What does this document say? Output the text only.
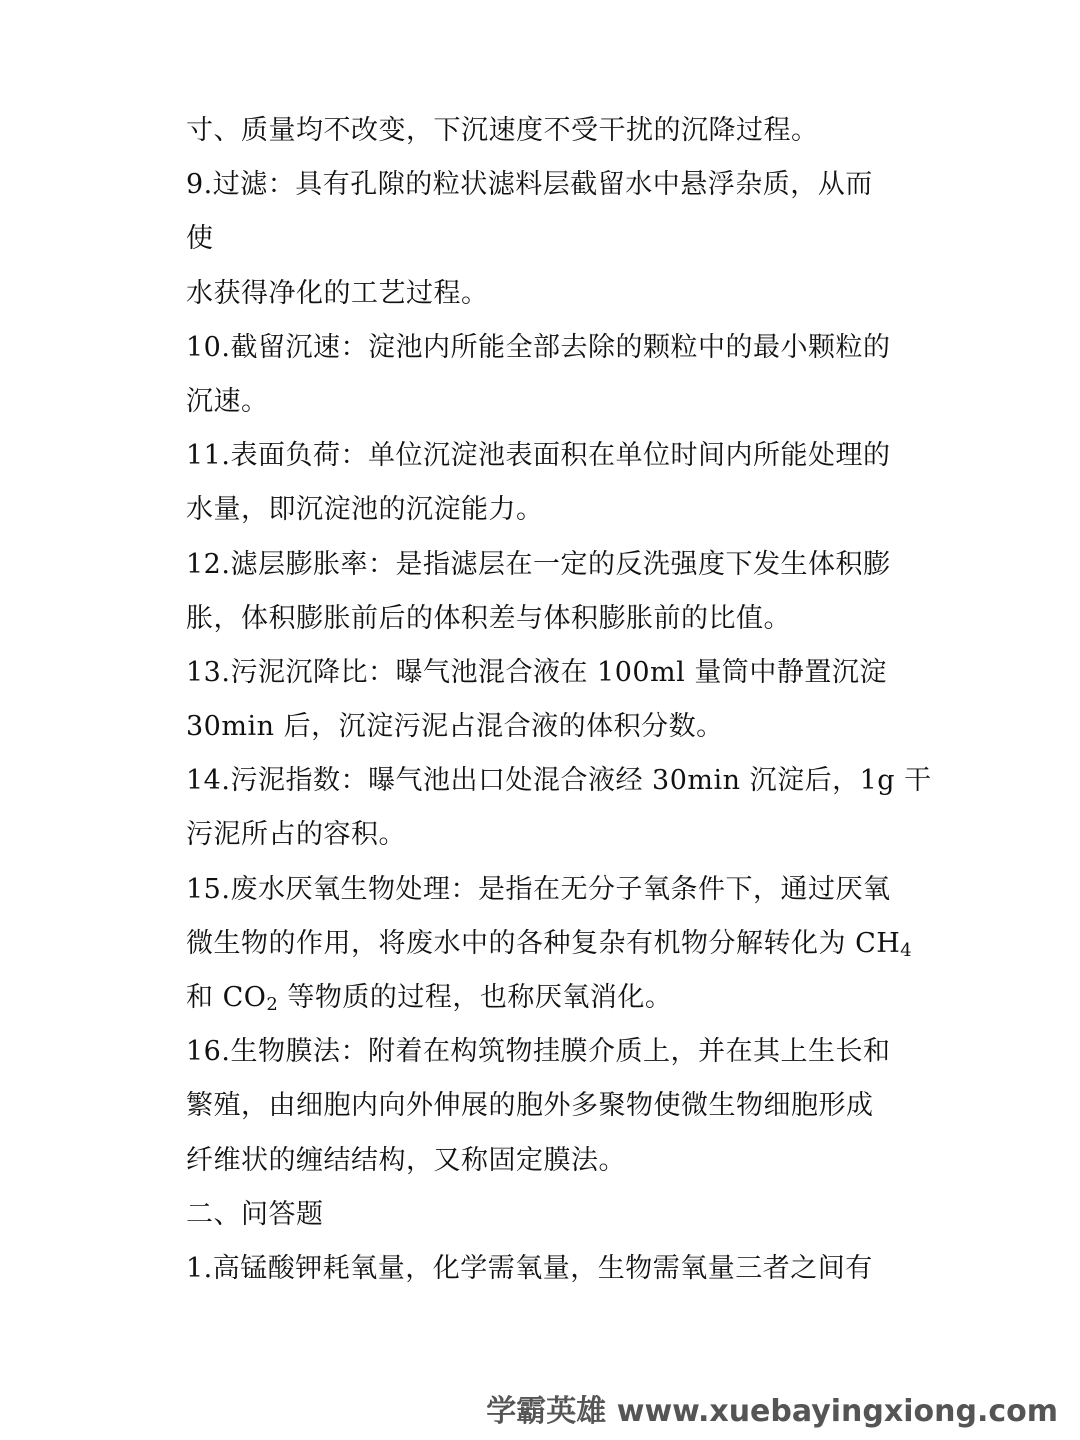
寸、质量均不改变，下沉速度不受干扰的沉降过程。
9.过滤：具有孔隙的粒状滤料层截留水中悬浮杂质，从而
使
水获得净化的工艺过程。
10.截留沉速：淀池内所能全部去除的颗粒中的最小颗粒的
沉速。
11.表面负荷：单位沉淀池表面积在单位时间内所能处理的
水量，即沉淀池的沉淀能力。
12.滤层膨胀率：是指滤层在一定的反洗强度下发生体积膨
胀，体积膨胀前后的体积差与体积膨胀前的比值。
13.污泥沉降比：曝气池混合液在 100ml 量筒中静置沉淀
30min 后，沉淀污泥占混合液的体积分数。
14.污泥指数：曝气池出口处混合液经 30min 沉淀后，1g 干
污泥所占的容积。
15.废水厌氧生物处理：是指在无分子氧条件下，通过厌氧
微生物的作用，将废水中的各种复杂有机物分解转化为 $CH_4$
和 $CO_2$ 等物质的过程，也称厌氧消化。
16.生物膜法：附着在构筑物挂膜介质上，并在其上生长和
繁殖，由细胞内向外伸展的胞外多聚物使微生物细胞形成
纤维状的缠结结构，又称固定膜法。
二、问答题
1.高锰酸钾耗氧量，化学需氧量，生物需氧量三者之间有
学霸英雄 www.xuebayingxiong.com
